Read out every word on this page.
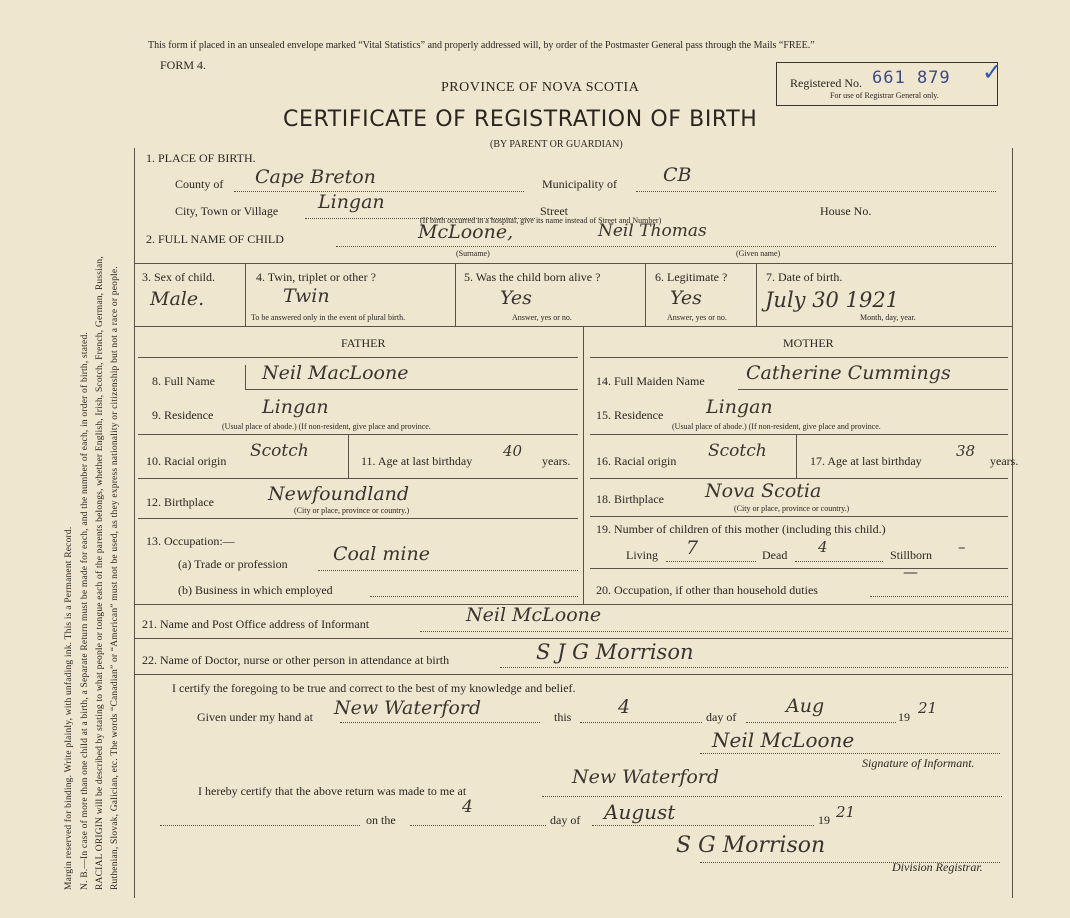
Margin reserved for binding. Write plainly, with unfading ink. This is a Permanent Record. N. B.—In case of more than one child at a birth, a Separate Return must be made for each, and the number of each, in order of birth, stated. RACIAL ORIGIN will be described by stating to what people or tongue each of the parents belongs, whether English, Irish, Scotch, French, German, Russian, Ruthenian, Slovak, Galician, etc. The words “Canadian” or “American” must not be used, as they express nationality or citizenship but not a race or people.
This form if placed in an unsealed envelope marked “Vital Statistics” and properly addressed will, by order of the Postmaster General pass through the Mails “FREE.”
FORM 4.
PROVINCE OF NOVA SCOTIA
CERTIFICATE OF REGISTRATION OF BIRTH
(BY PARENT OR GUARDIAN)
Registered No. 661 879
For use of Registrar General only.
✓
1. PLACE OF BIRTH.
County of Cape Breton	Municipality of CB
City, Town or Village Lingan	Street	House No.
(If birth occurred in a hospital, give its name instead of Street and Number)
2. FULL NAME OF CHILD	McLoone,	Neil Thomas
(Surname)	(Given name)
3. Sex of child.
Male.
4. Twin, triplet or other ?
Twin
To be answered only in the event of plural birth.
5. Was the child born alive ?
Yes
Answer, yes or no.
6. Legitimate ?
Yes
Answer, yes or no.
7. Date of birth.
July 30 1921
Month, day, year.
FATHER	MOTHER
8. Full Name Neil MacLoone
9. Residence	Lingan
(Usual place of abode.) (If non-resident, give place and province.
10. Racial origin Scotch	11. Age at last birthday
40
years.
12. Birthplace	Newfoundland
(City or place, province or country.)
13. Occupation:—
(a) Trade or profession Coal mine
(b) Business in which employed
14. Full Maiden Name Catherine Cummings
15. Residence Lingan
(Usual place of abode.) (If non-resident, give place and province.
16. Racial origin Scotch	17. Age at last birthday
38
years.
18. Birthplace Nova Scotia
(City or place, province or country.)
19. Number of children of this mother (including this child.)
Living 7	Dead 4	Stillborn –
20. Occupation, if other than household duties
—
21. Name and Post Office address of Informant	Neil McLoone
22. Name of Doctor, nurse or other person in attendance at birth	S J G Morrison
I certify the foregoing to be true and correct to the best of my knowledge and belief.
Given under my hand at New Waterford	this 4	day of	Aug	19 21
Neil McLoone
Signature of Informant.
I hereby certify that the above return was made to me at
New Waterford
on the
4
day of August	19 21
S G Morrison
Division Registrar.
